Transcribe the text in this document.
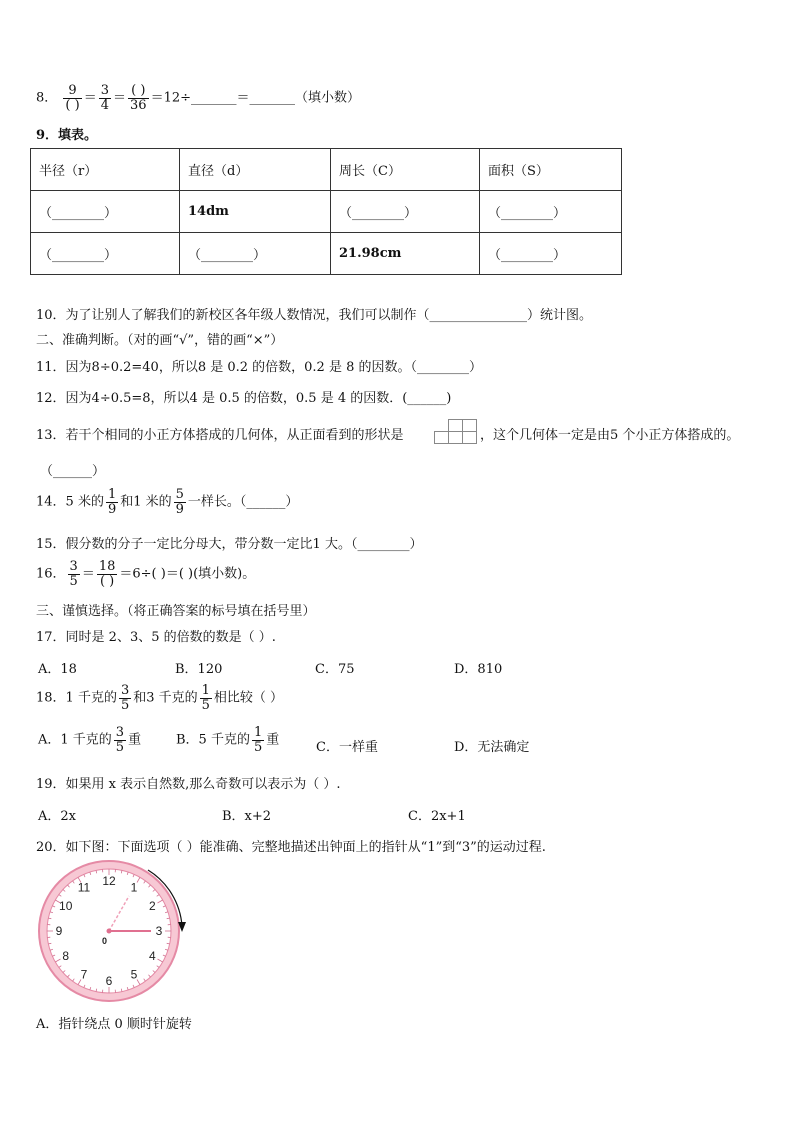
8． $\frac{9}{( )} = \frac{3}{4} = \frac{( )}{36}$ ＝12÷_______＝_______（填小数）
9．填表。
半径（r）	直径（d）	周长（C）	面积（S）
（________）	14dm	（________）	（________）
（________）	（________）	21.98cm	（________）
10．为了让别人了解我们的新校区各年级人数情况，我们可以制作（_______________）统计图。
二、准确判断。（对的画“√”，错的画“×”）
11．因为8÷0.2=40，所以8 是 0.2 的倍数，0.2 是 8 的因数。（________）
12．因为4÷0.5=8，所以4 是 0.5 的倍数，0.5 是 4 的因数．(______)
13．若干个相同的小正方体搭成的几何体，从正面看到的形状是	，这个几何体一定是由5 个小正方体搭成的。
（______）
14．5 米的 $\frac{1}{9}$ 和1 米的 $\frac{5}{9}$ 一样长。（______）
15．假分数的分子一定比分母大，带分数一定比1 大。（________）
16． $\frac{3}{5} = \frac{18}{( )} =6\div$( )＝( )(填小数)。
三、谨慎选择。（将正确答案的标号填在括号里）
17．同时是 2、3、5 的倍数的数是（ ）.
A．18	B．120	C．75	D．810
18．1 千克的 $\frac{3}{5}$ 和3 千克的 $\frac{1}{5}$ 相比较（ ）
A．1 千克的 $\frac{3}{5}$ 重	B．5 千克的 $\frac{1}{5}$ 重	C．一样重	D．无法确定
19．如果用 x 表示自然数,那么奇数可以表示为（ ）.
A．2x	B．x+2	C．2x+1
20．如下图：下面选项（ ）能准确、完整地描述出钟面上的指针从“1”到“3”的运动过程.
12 1
2
3
4
5
6
7
8
9
10
11
0
A．指针绕点 0 顺时针旋转
